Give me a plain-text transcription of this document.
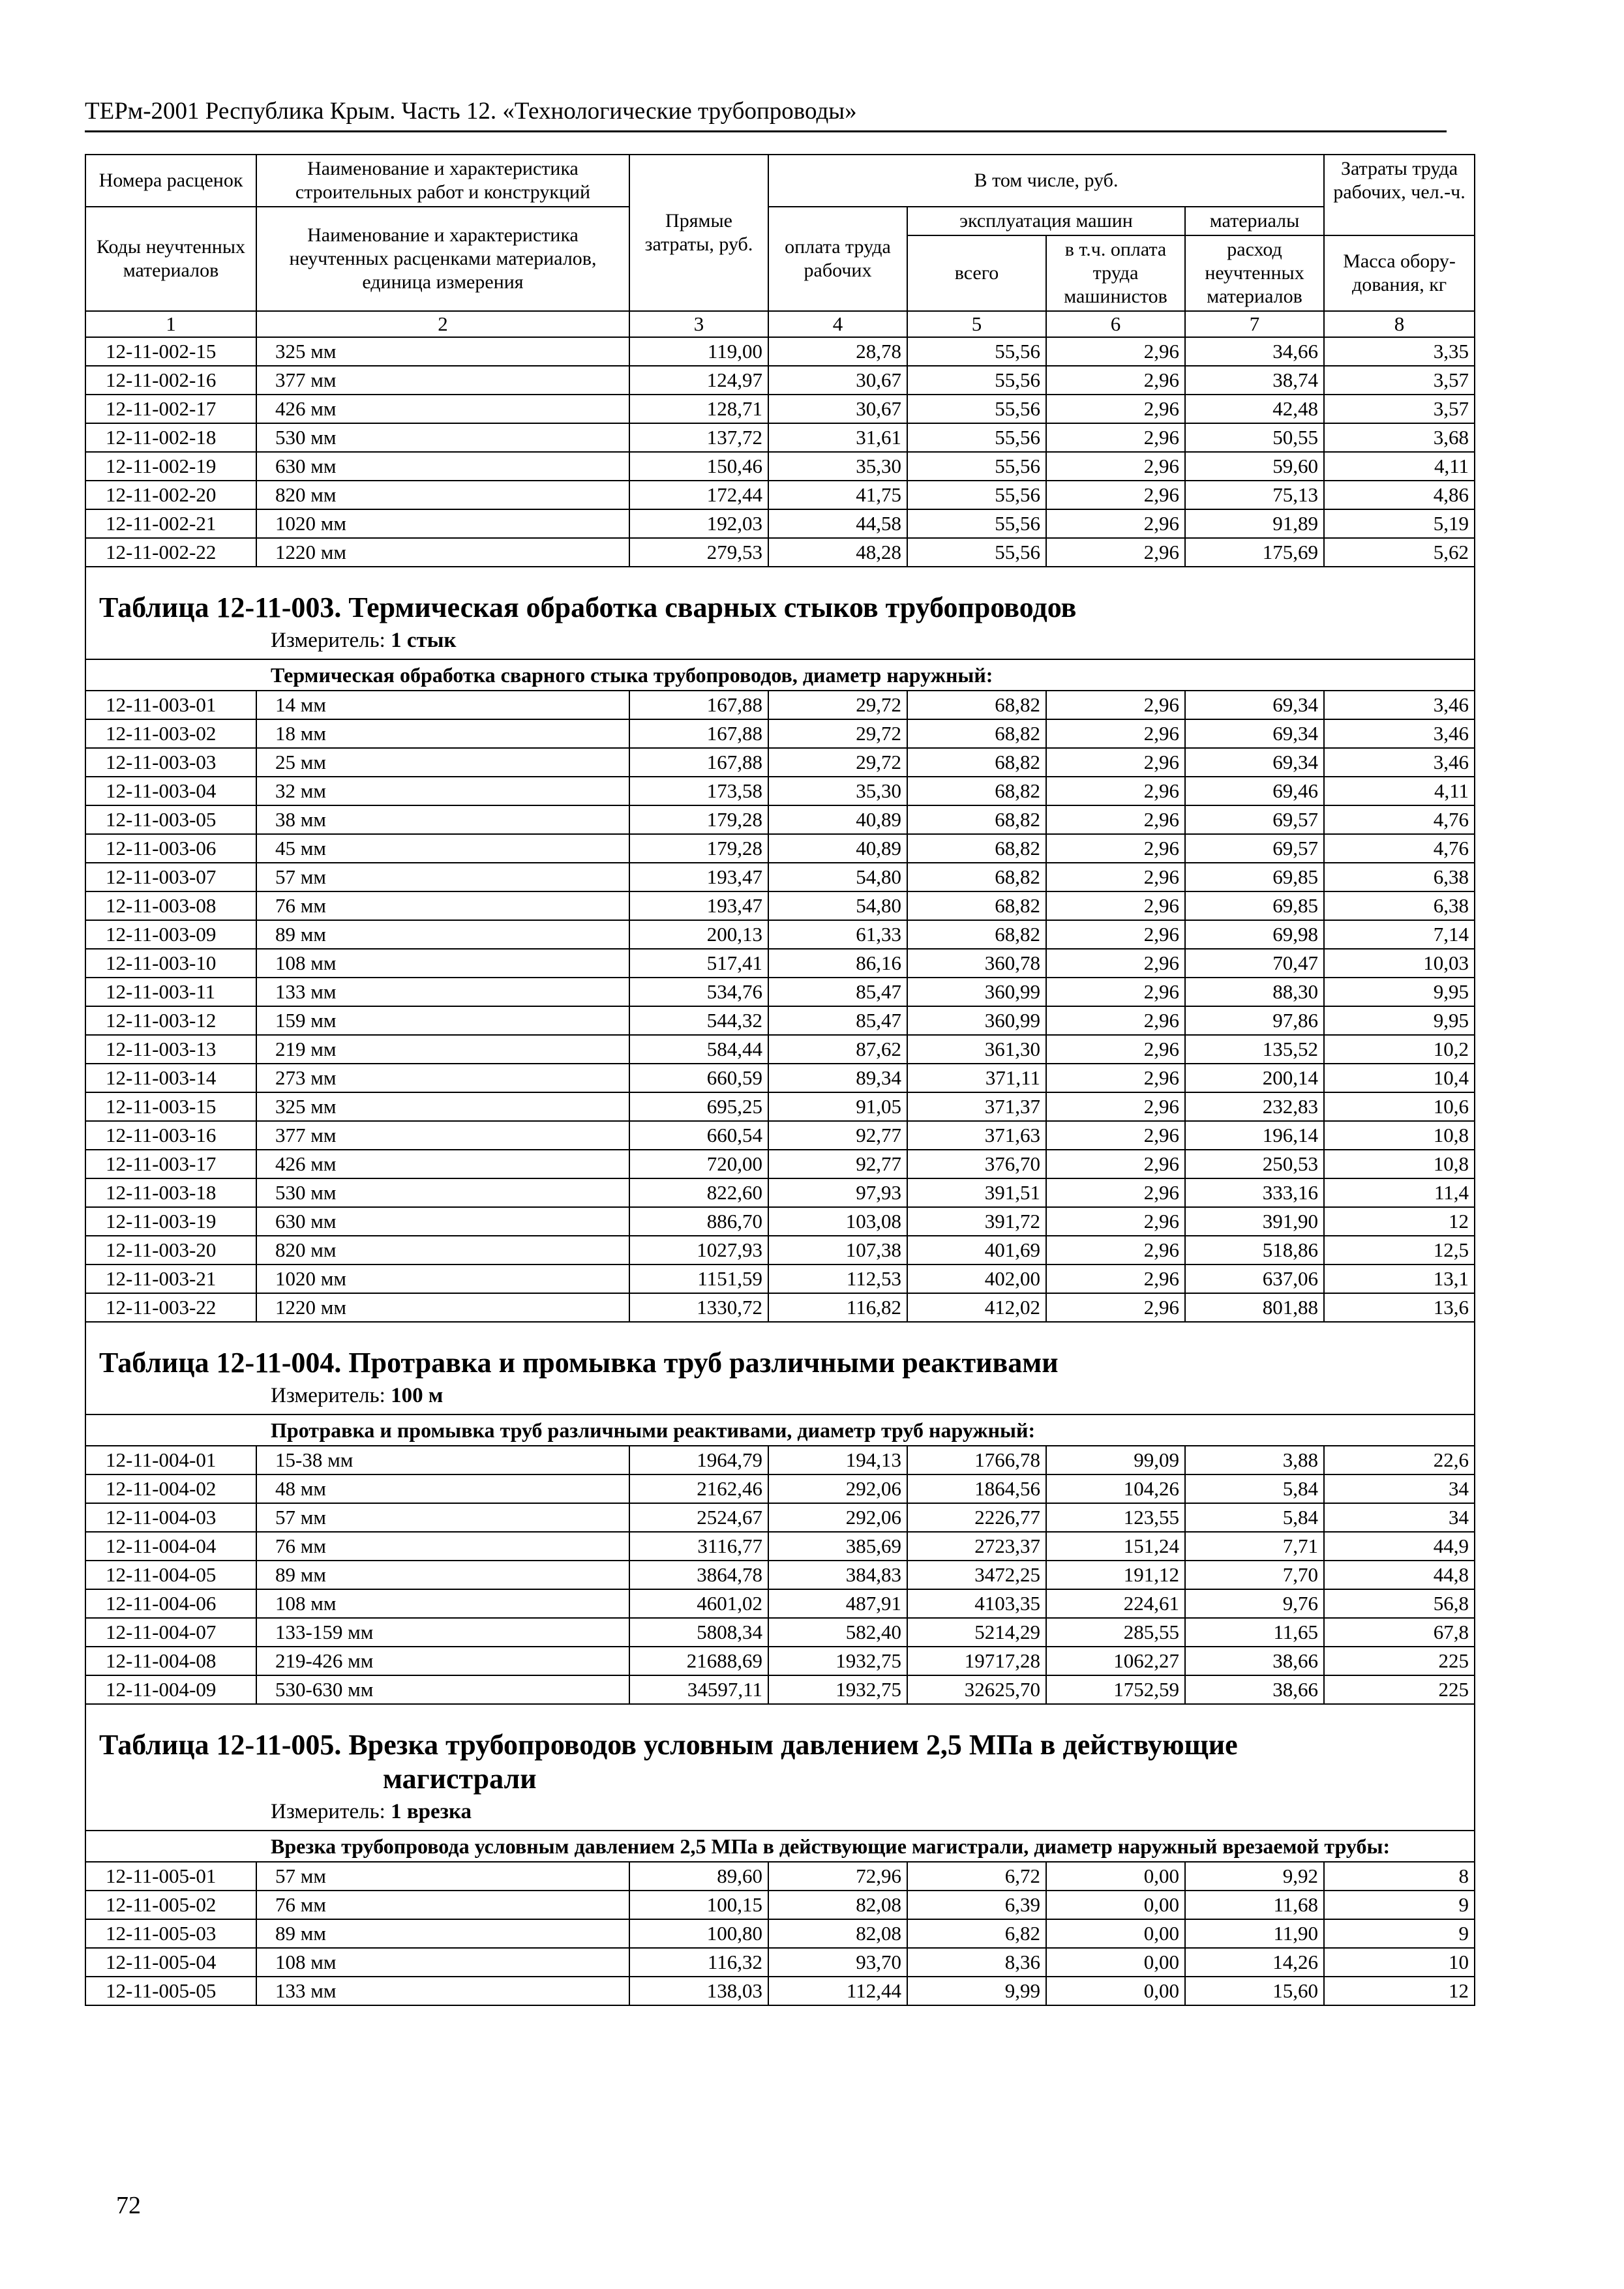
ТЕРм-2001 Республика Крым. Часть 12. «Технологические трубопроводы»
Номера расценок	Наименование и характеристика строительных работ и конструкций	Прямые затраты, руб.	В том числе, руб.				Затраты труда рабочих, чел.-ч.
Коды неучтенных материалов	Наименование и характеристика неучтенных расценками материалов, единица измерения		оплата труда рабочих	эксплуатация машин		материалы	
				всего	в т.ч. оплата труда машинистов	расход неучтенных материалов	Масса обору-дования, кг
1	2	3	4	5	6	7	8
12-11-002-15	325 мм	119,00	28,78	55,56	2,96	34,66	3,35
12-11-002-16	377 мм	124,97	30,67	55,56	2,96	38,74	3,57
12-11-002-17	426 мм	128,71	30,67	55,56	2,96	42,48	3,57
12-11-002-18	530 мм	137,72	31,61	55,56	2,96	50,55	3,68
12-11-002-19	630 мм	150,46	35,30	55,56	2,96	59,60	4,11
12-11-002-20	820 мм	172,44	41,75	55,56	2,96	75,13	4,86
12-11-002-21	1020 мм	192,03	44,58	55,56	2,96	91,89	5,19
12-11-002-22	1220 мм	279,53	48,28	55,56	2,96	175,69	5,62
Таблица 12-11-003. Термическая обработка сварных стыков трубопроводов							
Измеритель: 1 стык							
Термическая обработка сварного стыка трубопроводов, диаметр наружный:							
12-11-003-01	14 мм	167,88	29,72	68,82	2,96	69,34	3,46
12-11-003-02	18 мм	167,88	29,72	68,82	2,96	69,34	3,46
12-11-003-03	25 мм	167,88	29,72	68,82	2,96	69,34	3,46
12-11-003-04	32 мм	173,58	35,30	68,82	2,96	69,46	4,11
12-11-003-05	38 мм	179,28	40,89	68,82	2,96	69,57	4,76
12-11-003-06	45 мм	179,28	40,89	68,82	2,96	69,57	4,76
12-11-003-07	57 мм	193,47	54,80	68,82	2,96	69,85	6,38
12-11-003-08	76 мм	193,47	54,80	68,82	2,96	69,85	6,38
12-11-003-09	89 мм	200,13	61,33	68,82	2,96	69,98	7,14
12-11-003-10	108 мм	517,41	86,16	360,78	2,96	70,47	10,03
12-11-003-11	133 мм	534,76	85,47	360,99	2,96	88,30	9,95
12-11-003-12	159 мм	544,32	85,47	360,99	2,96	97,86	9,95
12-11-003-13	219 мм	584,44	87,62	361,30	2,96	135,52	10,2
12-11-003-14	273 мм	660,59	89,34	371,11	2,96	200,14	10,4
12-11-003-15	325 мм	695,25	91,05	371,37	2,96	232,83	10,6
12-11-003-16	377 мм	660,54	92,77	371,63	2,96	196,14	10,8
12-11-003-17	426 мм	720,00	92,77	376,70	2,96	250,53	10,8
12-11-003-18	530 мм	822,60	97,93	391,51	2,96	333,16	11,4
12-11-003-19	630 мм	886,70	103,08	391,72	2,96	391,90	12
12-11-003-20	820 мм	1027,93	107,38	401,69	2,96	518,86	12,5
12-11-003-21	1020 мм	1151,59	112,53	402,00	2,96	637,06	13,1
12-11-003-22	1220 мм	1330,72	116,82	412,02	2,96	801,88	13,6
Таблица 12-11-004. Протравка и промывка труб различными реактивами							
Измеритель: 100 м							
Протравка и промывка труб различными реактивами, диаметр труб наружный:							
12-11-004-01	15-38 мм	1964,79	194,13	1766,78	99,09	3,88	22,6
12-11-004-02	48 мм	2162,46	292,06	1864,56	104,26	5,84	34
12-11-004-03	57 мм	2524,67	292,06	2226,77	123,55	5,84	34
12-11-004-04	76 мм	3116,77	385,69	2723,37	151,24	7,71	44,9
12-11-004-05	89 мм	3864,78	384,83	3472,25	191,12	7,70	44,8
12-11-004-06	108 мм	4601,02	487,91	4103,35	224,61	9,76	56,8
12-11-004-07	133-159 мм	5808,34	582,40	5214,29	285,55	11,65	67,8
12-11-004-08	219-426 мм	21688,69	1932,75	19717,28	1062,27	38,66	225
12-11-004-09	530-630 мм	34597,11	1932,75	32625,70	1752,59	38,66	225
Таблица 12-11-005. Врезка трубопроводов условным давлением 2,5 МПа в действующие
магистрали							

Измеритель: 1 врезка							
Врезка трубопровода условным давлением 2,5 МПа в действующие магистрали, диаметр наружный врезаемой трубы:							
12-11-005-01	57 мм	89,60	72,96	6,72	0,00	9,92	8
12-11-005-02	76 мм	100,15	82,08	6,39	0,00	11,68	9
12-11-005-03	89 мм	100,80	82,08	6,82	0,00	11,90	9
12-11-005-04	108 мм	116,32	93,70	8,36	0,00	14,26	10
12-11-005-05	133 мм	138,03	112,44	9,99	0,00	15,60	12
72
